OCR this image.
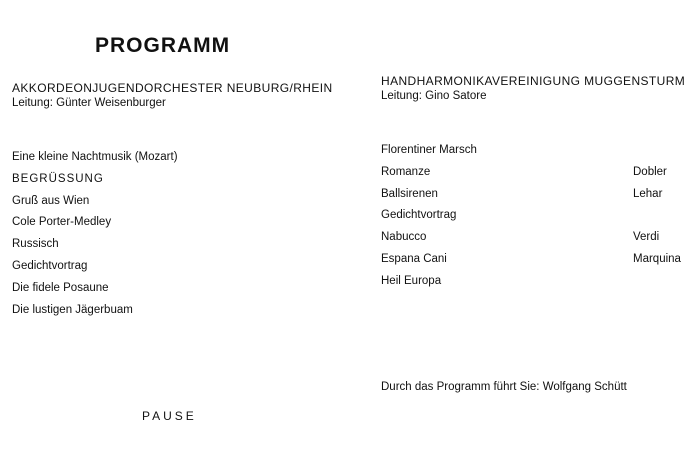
PROGRAMM
AKKORDEONJUGENDORCHESTER NEUBURG/RHEIN
Leitung: Günter Weisenburger
Eine kleine Nachtmusik (Mozart)
BEGRÜSSUNG
Gruß aus Wien
Cole Porter-Medley
Russisch
Gedichtvortrag
Die fidele Posaune
Die lustigen Jägerbuam
PAUSE
HANDHARMONIKAVEREINIGUNG MUGGENSTURM
Leitung: Gino Satore
Florentiner Marsch
Romanze	Dobler
Ballsirenen	Lehar
Gedichtvortrag
Nabucco	Verdi
Espana Cani	Marquina
Heil Europa
Durch das Programm führt Sie: Wolfgang Schütt
